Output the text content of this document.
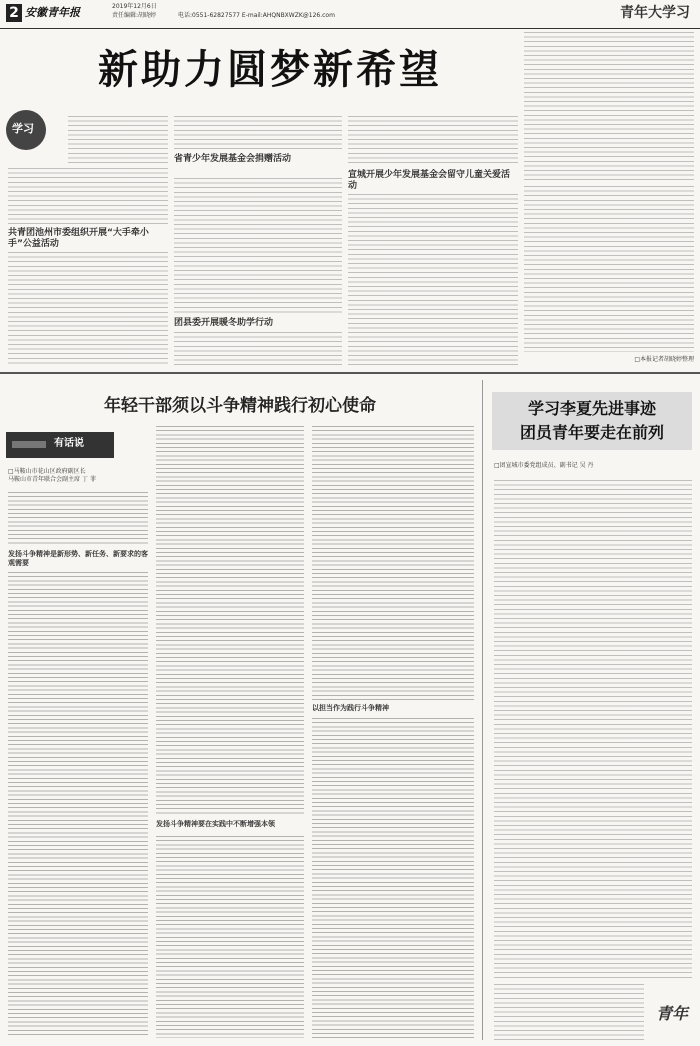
2 安徽青年报	2019年12月6日
责任编辑:胡晓婷	电话:0551-62827577 E-mail:AHQNBXWZK@126.com	青年大学习
新助力圆梦新希望
学习
共青团池州市委组织开展“大手牵小手”公益活动
省青少年发展基金会捐赠活动
团县委开展暖冬助学行动
宣城开展少年发展基金会留守儿童关爱活动
□本报记者胡晓婷整理
年轻干部须以斗争精神践行初心使命
有话说
□马鞍山市花山区政府副区长
马鞍山市青年联合会副主席 丁 菲
发扬斗争精神是新形势、新任务、新要求的客观需要
发扬斗争精神要在实践中不断增强本领
以担当作为践行斗争精神
学习李夏先进事迹
团员青年要走在前列
□团宣城市委党组成员、副书记 吴 丹
青年
